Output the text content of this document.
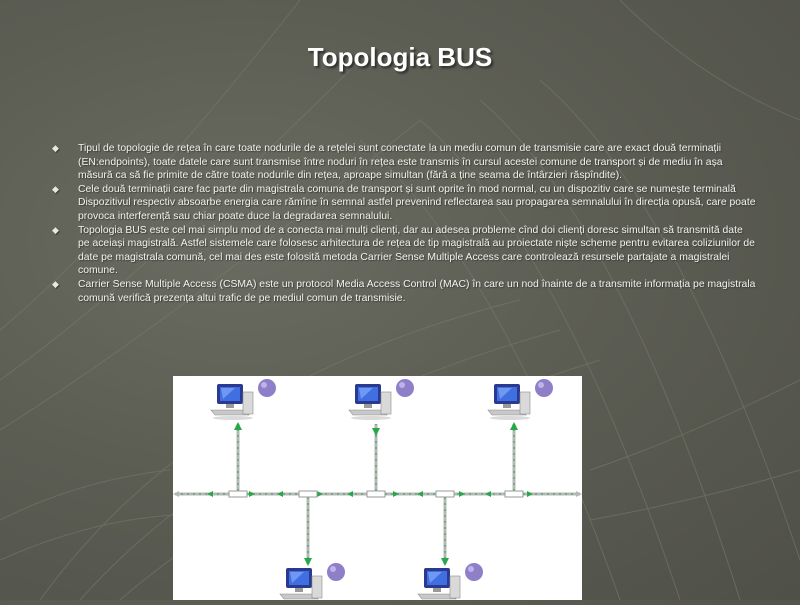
Topologia BUS
◆ Tipul de topologie de rețea în care toate nodurile de a rețelei sunt conectate la un mediu comun de transmisie care are exact două terminații (EN:endpoints), toate datele care sunt transmise între noduri în rețea este transmis în cursul acestei comune de transport și de mediu în așa măsură ca să fie primite de către toate nodurile din rețea, aproape simultan (fără a ține seama de întârzieri răspîndite).
◆ Cele două terminații care fac parte din magistrala comuna de transport și sunt oprite în mod normal, cu un dispozitiv care se numește terminală Dispozitivul respectiv absoarbe energia care rămîne în semnal astfel prevenind reflectarea sau propagarea semnalului în direcția opusă, care poate provoca interferență sau chiar poate duce la degradarea semnalului.
◆ Topologia BUS este cel mai simplu mod de a conecta mai mulți clienți, dar au adesea probleme cînd doi clienți doresc simultan să transmită date pe aceiași magistrală. Astfel sistemele care folosesc arhitectura de rețea de tip magistrală au proiectate niște scheme pentru evitarea coliziunilor de date pe magistrala comună, cel mai des este folosită metoda Carrier Sense Multiple Access care controlează resursele partajate a magistralei comune.
◆ Carrier Sense Multiple Access (CSMA) este un protocol Media Access Control (MAC) în care un nod înainte de a transmite informația pe magistrala comună verifică prezența altui trafic de pe mediul comun de transmisie.
